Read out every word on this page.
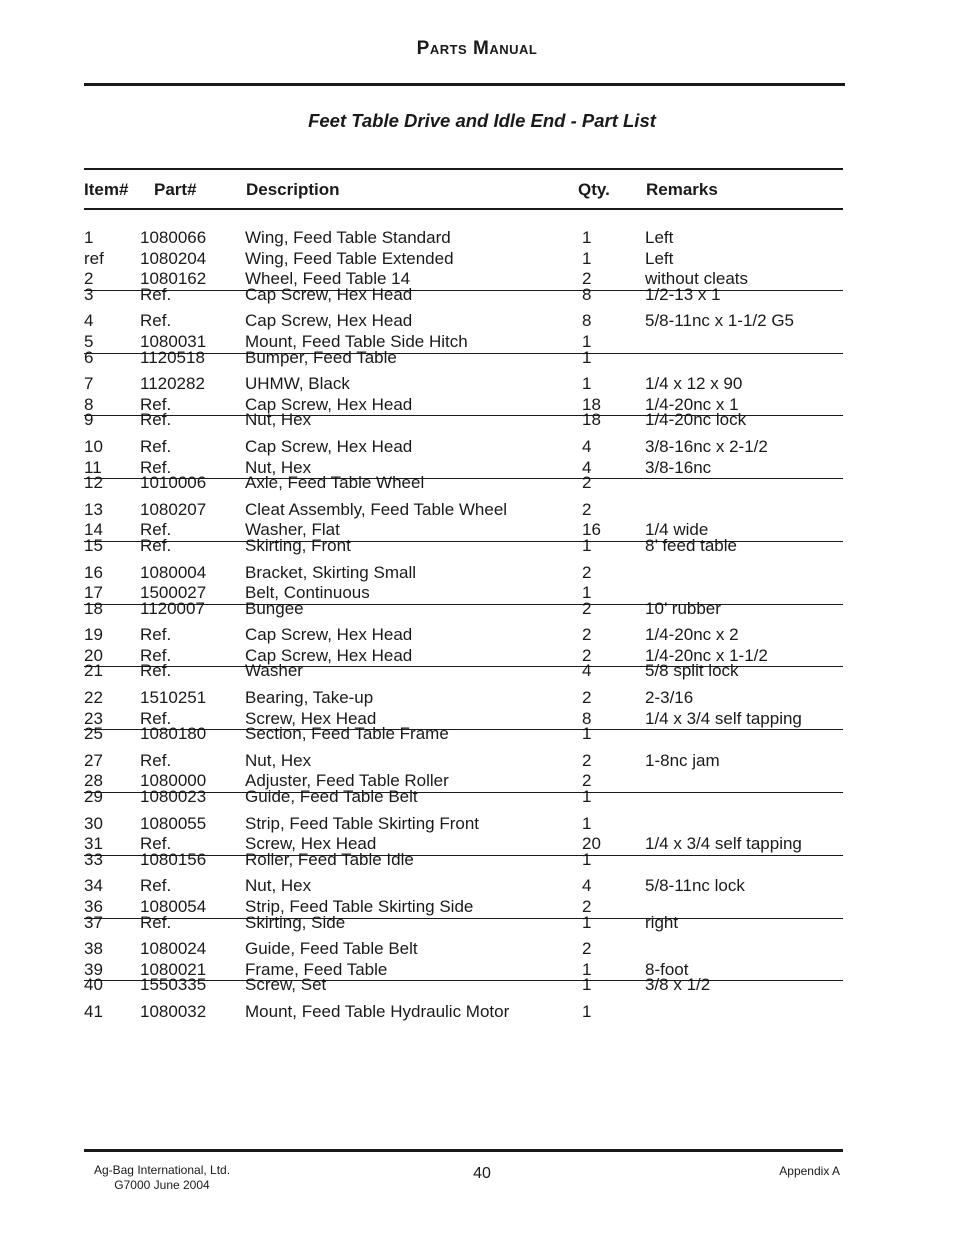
Parts Manual
Feet Table Drive and Idle End - Part List
Item# Part#	Description	Qty. Remarks
1	1080066 Wing, Feed Table Standard	1	Left
ref 1080204 Wing, Feed Table Extended	1	Left
2	1080162 Wheel, Feed Table 14	2	without cleats
3	Ref.	Cap Screw, Hex Head	8	1/2-13 x 1
4	Ref.	Cap Screw, Hex Head	8	5/8-11nc x 1-1/2 G5
5	1080031 Mount, Feed Table Side Hitch	1
6	1120518 Bumper, Feed Table	1
7	1120282 UHMW, Black	1	1/4 x 12 x 90
8	Ref.	Cap Screw, Hex Head	18	1/4-20nc x 1
9	Ref.	Nut, Hex	18	1/4-20nc lock
10 Ref.	Cap Screw, Hex Head	4	3/8-16nc x 2-1/2
11 Ref.	Nut, Hex	4	3/8-16nc
12 1010006 Axle, Feed Table Wheel	2
13 1080207 Cleat Assembly, Feed Table Wheel	2
14 Ref.	Washer, Flat	16	1/4 wide
15 Ref.	Skirting, Front	1	8’ feed table
16 1080004 Bracket, Skirting Small	2
17 1500027 Belt, Continuous	1
18 1120007 Bungee	2	10’ rubber
19 Ref.	Cap Screw, Hex Head	2	1/4-20nc x 2
20 Ref.	Cap Screw, Hex Head	2	1/4-20nc x 1-1/2
21 Ref.	Washer	4	5/8 split lock
22 1510251 Bearing, Take-up	2	2-3/16
23 Ref.	Screw, Hex Head	8	1/4 x 3/4 self tapping
25 1080180 Section, Feed Table Frame	1
27 Ref.	Nut, Hex	2	1-8nc jam
28 1080000 Adjuster, Feed Table Roller	2
29 1080023 Guide, Feed Table Belt	1
30 1080055 Strip, Feed Table Skirting Front	1
31 Ref.	Screw, Hex Head	20	1/4 x 3/4 self tapping
33 1080156 Roller, Feed Table Idle	1
34 Ref.	Nut, Hex	4	5/8-11nc lock
36 1080054 Strip, Feed Table Skirting Side	2
37 Ref.	Skirting, Side	1	right
38 1080024 Guide, Feed Table Belt	2
39 1080021 Frame, Feed Table	1	8-foot
40 1550335 Screw, Set	1	3/8 x 1/2
41 1080032 Mount, Feed Table Hydraulic Motor	1
Ag-Bag International, Ltd.
G7000 June 2004
40	Appendix A
